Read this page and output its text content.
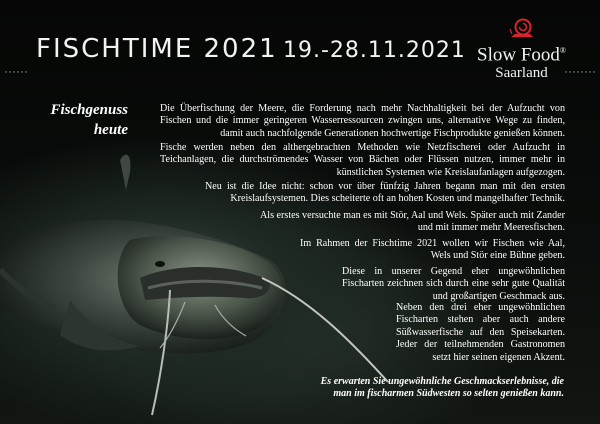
FISCHTIME 2021 19.-28.11.2021 Slow Food®
Saarland
Fischgenuss
heute

Die Überfischung der Meere, die Forderung nach mehr Nachhaltigkeit bei der Aufzucht von Fischen und die immer geringeren Wasserressourcen zwingen uns, alternative Wege zu finden, damit auch nachfolgende Generationen hochwertige Fischprodukte genießen können.

Fische werden neben den althergebrachten Methoden wie Netzfischerei oder Aufzucht in Teichanlagen, die durchströmendes Wasser von Bächen oder Flüssen nutzen, immer mehr in künstlichen Systemen wie Kreislaufanlagen aufgezogen.

Neu ist die Idee nicht: schon vor über fünfzig Jahren begann man mit den ersten Kreislaufsystemen. Dies scheiterte oft an hohen Kosten und mangelhafter Technik.

Als erstes versuchte man es mit Stör, Aal und Wels. Später auch mit Zander und mit immer mehr Meeresfischen.

Im Rahmen der Fischtime 2021 wollen wir Fischen wie Aal, Wels und Stör eine Bühne geben.

Diese in unserer Gegend eher ungewöhnlichen Fischarten zeichnen sich durch eine sehr gute Qualität und großartigen Geschmack aus.

Neben den drei eher ungewöhnlichen Fischarten stehen aber auch andere Süßwasserfische auf den Speisekarten. Jeder der teilnehmenden Gastronomen setzt hier seinen eigenen Akzent.

Es erwarten Sie ungewöhnliche Geschmackserlebnisse, die man im fischarmen Südwesten so selten genießen kann.
